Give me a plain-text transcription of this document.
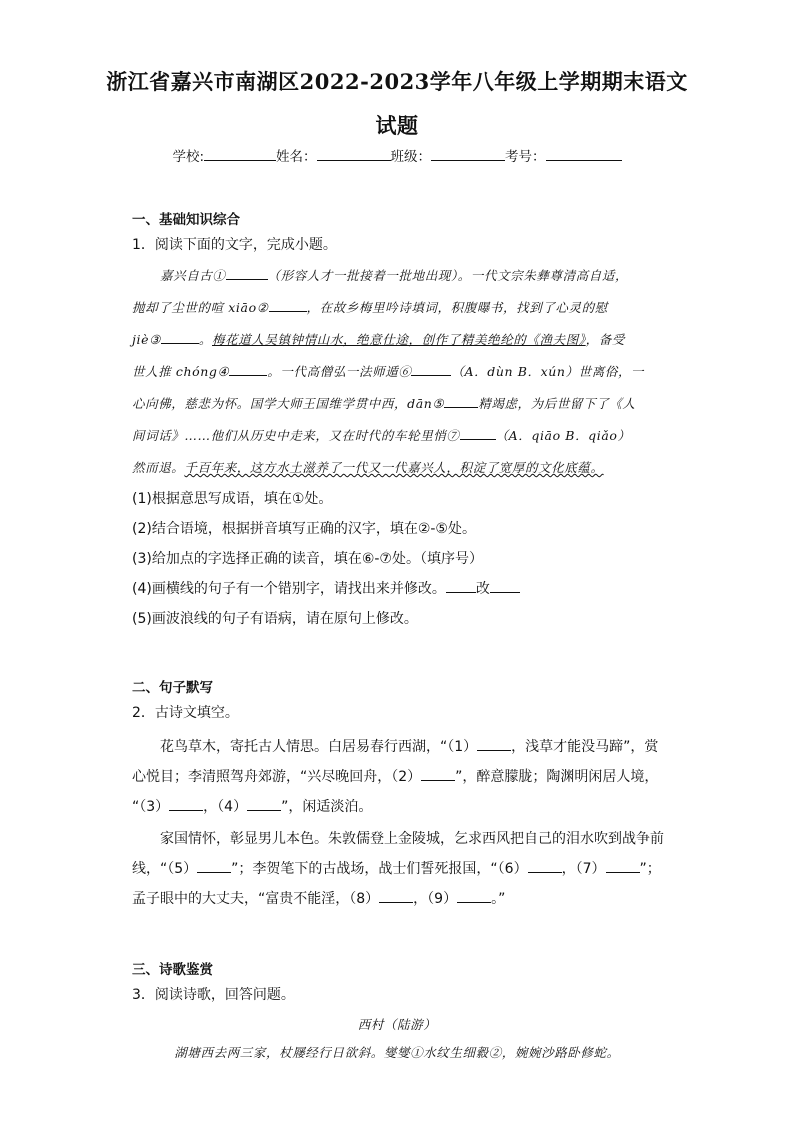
浙江省嘉兴市南湖区2022-2023学年八年级上学期期末语文
试题
学校:	姓名：	班级：	考号：
一、基础知识综合
1．阅读下面的文字，完成小题。
嘉兴自古①	（形容人才一批接着一批地出现）。一代文宗朱彝尊清高自适，
抛却了尘世的喧 xiāo②	，在故乡梅里吟诗填词，积腹曝书，找到了心灵的慰
jiè③	。梅花道人吴镇钟情山水，绝意仕途，创作了精美绝纶的《渔夫图》，备受
世人推 chóng④	。一代高僧弘一法师遁⑥	（A．dùn B．xún）世离俗，一
心向佛，慈悲为怀。国学大师王国维学贯中西，dān⑤	精竭虑，为后世留下了《人
间词话》……他们从历史中走来，又在时代的车轮里悄⑦	（A．qiāo B．qiǎo）
然而退。千百年来，这方水土滋养了一代又一代嘉兴人，积淀了宽厚的文化底蕴。
(1)根据意思写成语，填在①处。
(2)结合语境，根据拼音填写正确的汉字，填在②-⑤处。
(3)给加点的字选择正确的读音，填在⑥-⑦处。（填序号）
(4)画横线的句子有一个错别字，请找出来并修改。 改
(5)画波浪线的句子有语病，请在原句上修改。
二、句子默写
2．古诗文填空。
花鸟草木，寄托古人情思。白居易春行西湖，“（1） ，浅草才能没马蹄”，赏
心悦目；李清照驾舟郊游，“兴尽晚回舟，（2） ”，醉意朦胧；陶渊明闲居人境，
“（3） ，（4） ”，闲适淡泊。
家国情怀，彰显男儿本色。朱敦儒登上金陵城，乞求西风把自己的泪水吹到战争前
线，“（5） ”；李贺笔下的古战场，战士们誓死报国，“（6） ，（7） ”；
孟子眼中的大丈夫，“富贵不能淫，（8） ，（9） 。”
三、诗歌鉴赏
3．阅读诗歌，回答问题。
西村（陆游）
湖塘西去两三家，杖屦经行日欲斜。燮燮①水纹生细縠②，婉婉沙路卧修蛇。
